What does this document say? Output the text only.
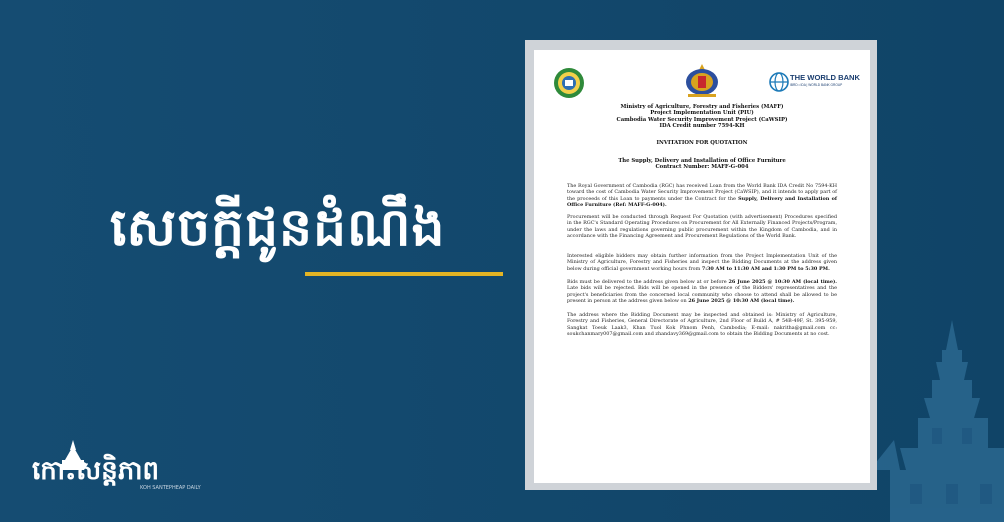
សេចក្ដីជូនដំណឹង
កោះសន្តិភាព
KOH SANTEPHEAP DAILY
THE WORLD BANK
IBRD • IDA | WORLD BANK GROUP
Ministry of Agriculture, Forestry and Fisheries (MAFF)
Project Implementation Unit (PIU)
Cambodia Water Security Improvement Project (CaWSIP)
IDA Credit number 7594-KH
INVITATION FOR QUOTATION
The Supply, Delivery and Installation of Office Furniture
Contract Number: MAFF-G-004
The Royal Government of Cambodia (RGC) has received Loan from the World Bank IDA Credit No 7594-KH toward the cost of Cambodia Water Security Improvement Project (CaWSIP), and it intends to apply part of the proceeds of this Loan to payments under the Contract for the Supply, Delivery and Installation of Office Furniture (Ref: MAFF-G-004).
Procurement will be conducted through Request For Quotation (with advertisement) Procedures specified in the RGC's Standard Operating Procedures on Procurement for All Externally Financed Projects/Program, under the laws and regulations governing public procurement within the Kingdom of Cambodia, and in accordance with the Financing Agreement and Procurement Regulations of the World Bank.
Interested eligible bidders may obtain further information from the Project Implementation Unit of the Ministry of Agriculture, Forestry and Fisheries and inspect the Bidding Documents at the address given below during official government working hours from 7:30 AM to 11:30 AM and 1:30 PM to 5:30 PM.
Bids must be delivered to the address given below at or before 26 June 2025 @ 10:30 AM (local time). Late bids will be rejected. Bids will be opened in the presence of the Bidders' representatives and the project's beneficiaries from the concerned local community who choose to attend shall be allowed to be present in person at the address given below on 26 June 2025 @ 10:30 AM (local time).
The address where the Bidding Document may be inspected and obtained is: Ministry of Agriculture, Forestry and Fisheries, General Directorate of Agriculture, 2nd Floor of Build A, # 54B-49F, St. 395-959, Sangkat Toeuk Laak3, Khan Tuol Kok Phnom Penh, Cambodia; E-mail: nakritha@gmail.com cc: soukchanmary007@gmail.com and zhandavy369@gmail.com to obtain the Bidding Documents at no cost.
